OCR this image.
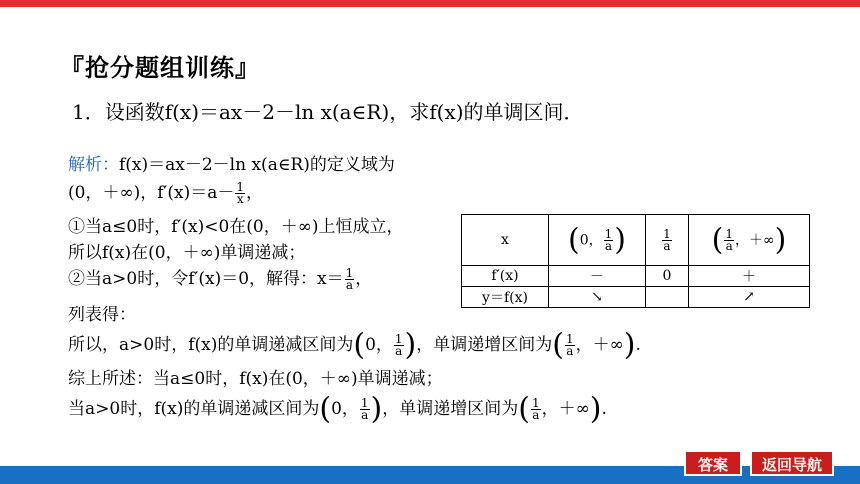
『抢分题组训练』
1．设函数f(x)＝ax－2－ln x(a∈R)，求f(x)的单调区间．
解析：f(x)＝ax－2－ln x(a∈R)的定义域为
(0，＋∞)，$f'(x)=a- \frac{1}{x}$ ，
①当a≤0时，f′(x)<0在(0，＋∞)上恒成立，
所以f(x)在(0，＋∞)单调递减；
②当a>0时，令f′(x)＝0，解得：$x= \frac{1}{a}$ ，
列表得：
所以，a>0时，f(x)的单调递减区间为(0， $\frac{1}{a}$ )，单调递增区间为( $\frac{1}{a}$ ，＋∞).
综上所述：当a≤0时，f(x)在(0，＋∞)单调递减；
当a>0时，f(x)的单调递减区间为(0， $\frac{1}{a}$ )，单调递增区间为( $\frac{1}{a}$ ，＋∞).
x	(0， $\frac{1}{a}$ )	$\frac{1}{a}$	( $\frac{1}{a}$ ，＋∞)
f′(x)	－	0	＋
y＝f(x)	↘		↗
答案	返回导航
